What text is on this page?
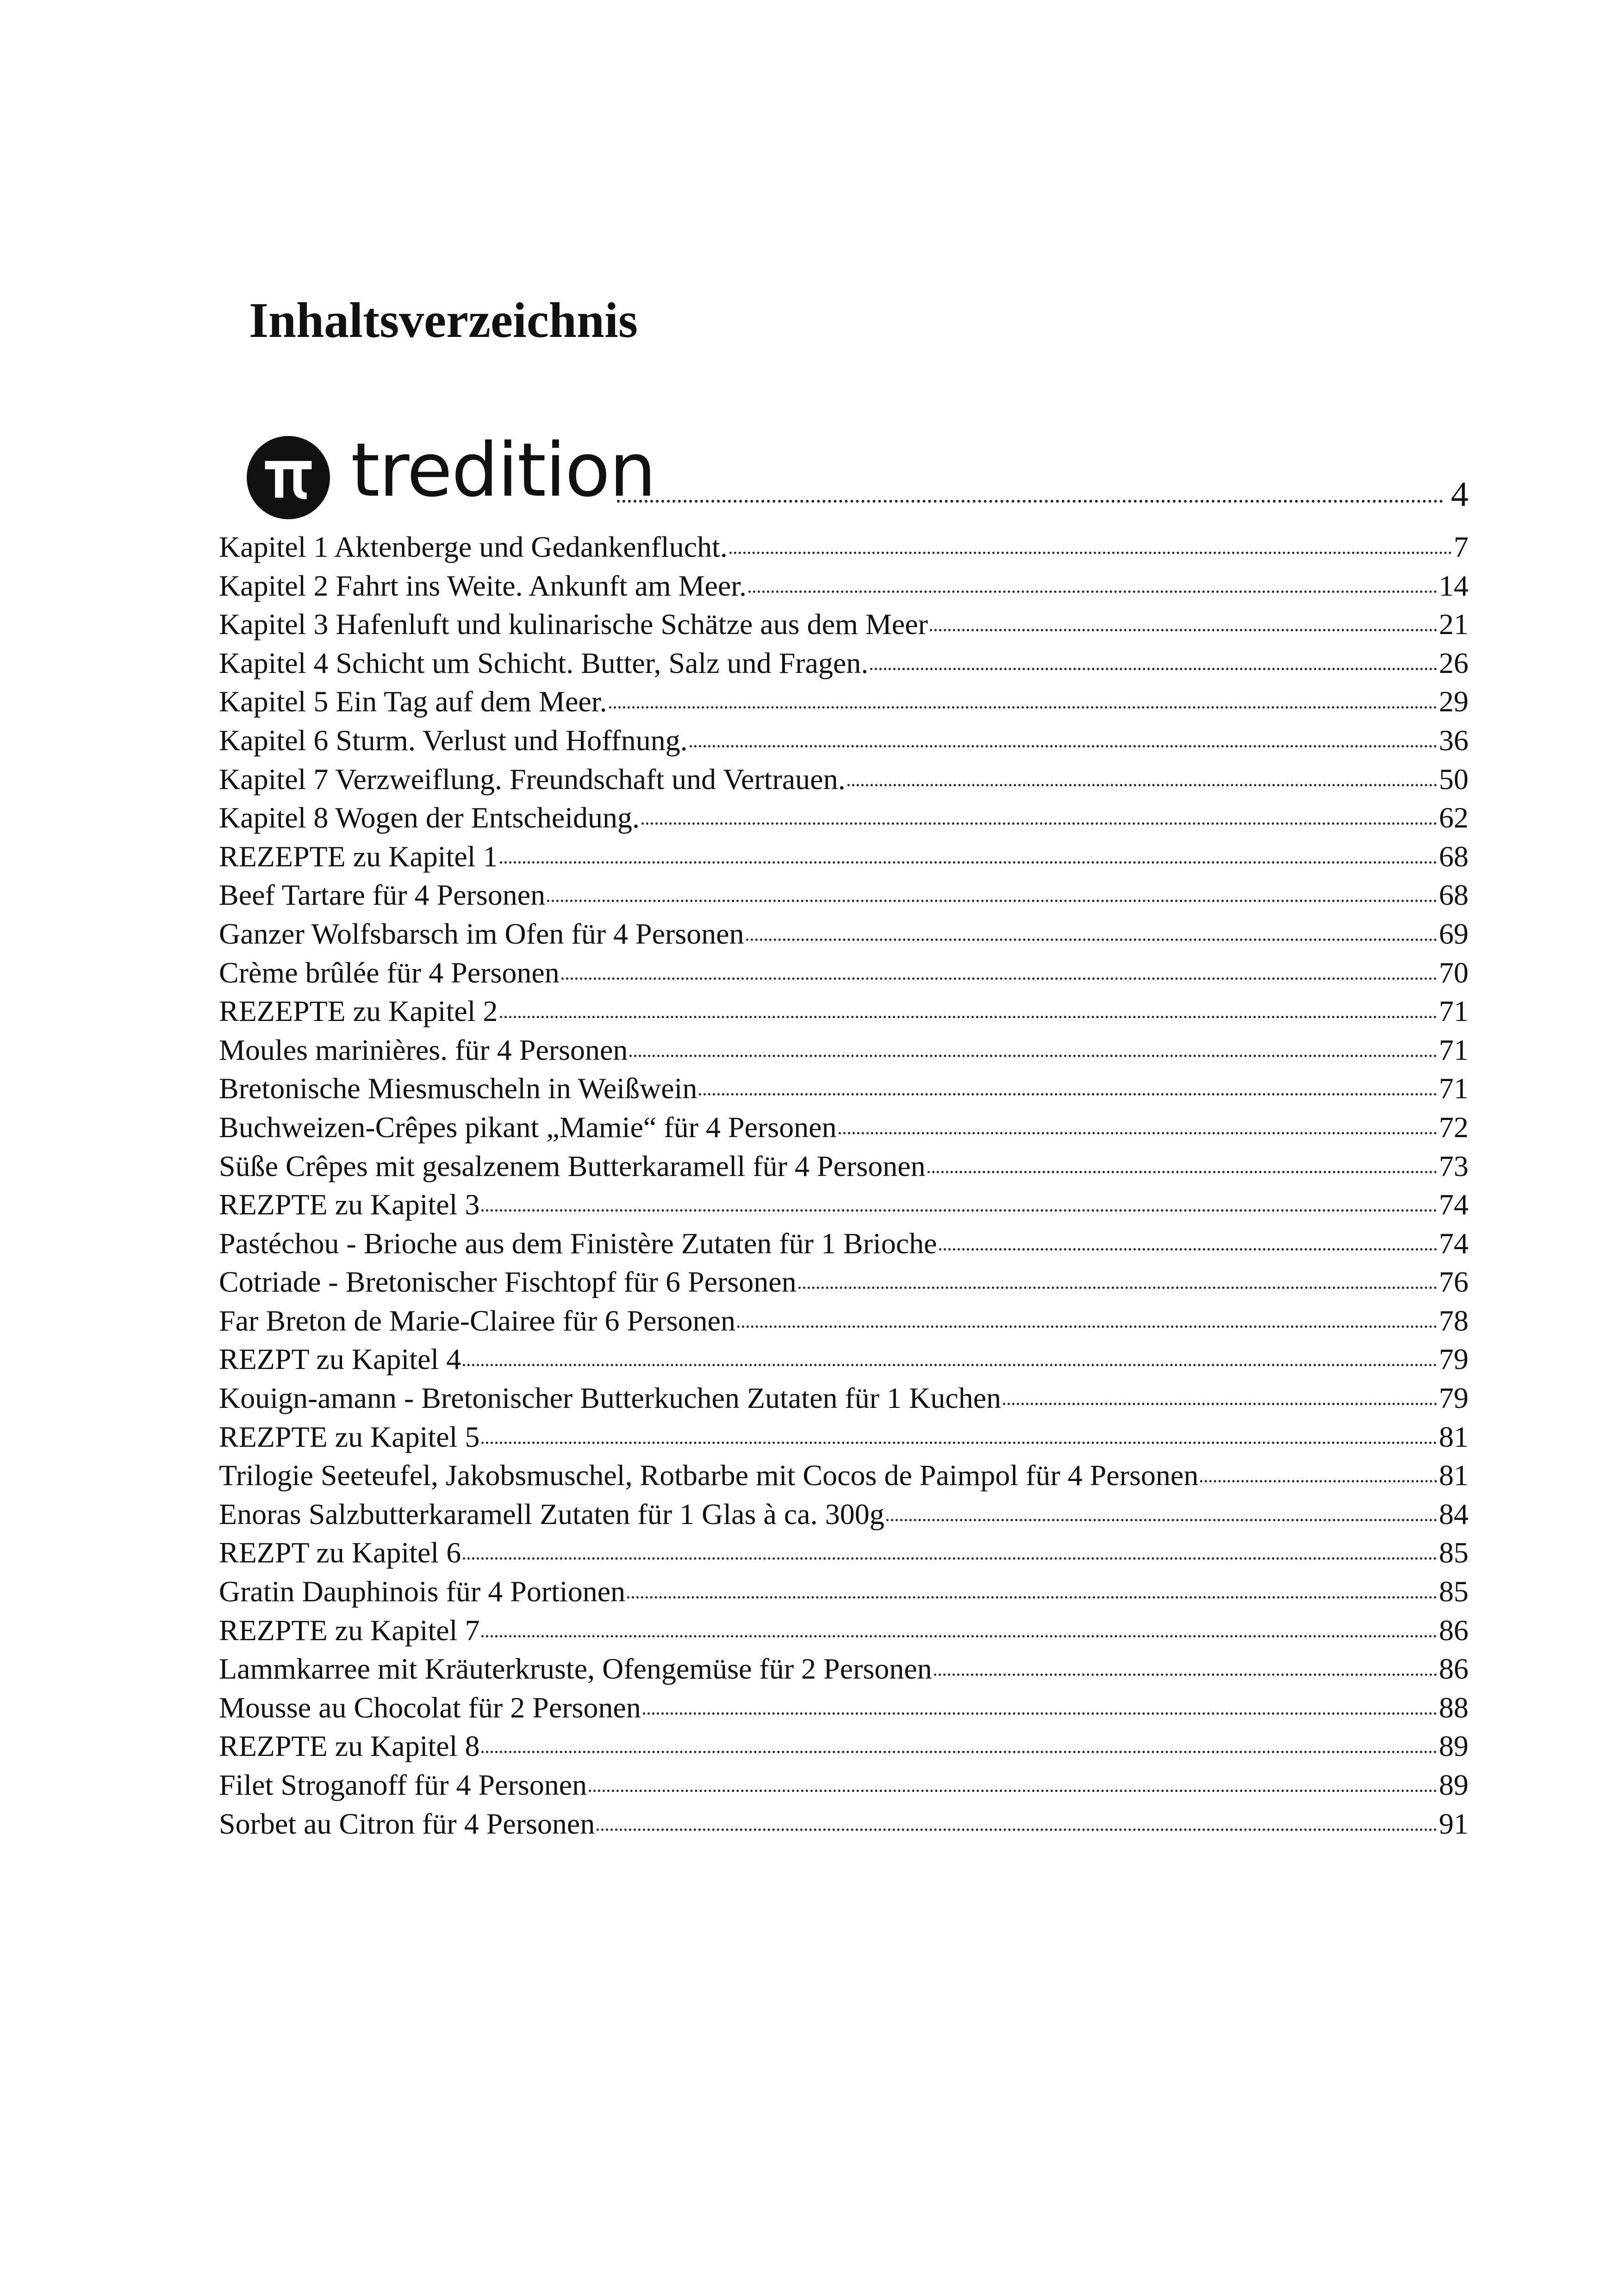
Inhaltsverzeichnis
tredition	4
Kapitel 1 Aktenberge und Gedankenflucht.	7
Kapitel 2 Fahrt ins Weite. Ankunft am Meer.	14
Kapitel 3 Hafenluft und kulinarische Schätze aus dem Meer	21
Kapitel 4 Schicht um Schicht. Butter, Salz und Fragen.	26
Kapitel 5 Ein Tag auf dem Meer.	29
Kapitel 6 Sturm. Verlust und Hoffnung.	36
Kapitel 7 Verzweiflung. Freundschaft und Vertrauen.	50
Kapitel 8 Wogen der Entscheidung.	62
REZEPTE zu Kapitel 1	68
Beef Tartare für 4 Personen	68
Ganzer Wolfsbarsch im Ofen für 4 Personen	69
Crème brûlée für 4 Personen	70
REZEPTE zu Kapitel 2	71
Moules marinières. für 4 Personen	71
Bretonische Miesmuscheln in Weißwein	71
Buchweizen-Crêpes pikant „Mamie“ für 4 Personen	72
Süße Crêpes mit gesalzenem Butterkaramell für 4 Personen	73
REZPTE zu Kapitel 3	74
Pastéchou - Brioche aus dem Finistère Zutaten für 1 Brioche	74
Cotriade - Bretonischer Fischtopf für 6 Personen	76
Far Breton de Marie-Clairee für 6 Personen	78
REZPT zu Kapitel 4	79
Kouign-amann - Bretonischer Butterkuchen Zutaten für 1 Kuchen	79
REZPTE zu Kapitel 5	81
Trilogie Seeteufel, Jakobsmuschel, Rotbarbe mit Cocos de Paimpol für 4 Personen	81
Enoras Salzbutterkaramell Zutaten für 1 Glas à ca. 300g	84
REZPT zu Kapitel 6	85
Gratin Dauphinois für 4 Portionen	85
REZPTE zu Kapitel 7	86
Lammkarree mit Kräuterkruste, Ofengemüse für 2 Personen	86
Mousse au Chocolat für 2 Personen	88
REZPTE zu Kapitel 8	89
Filet Stroganoff für 4 Personen	89
Sorbet au Citron für 4 Personen	91
